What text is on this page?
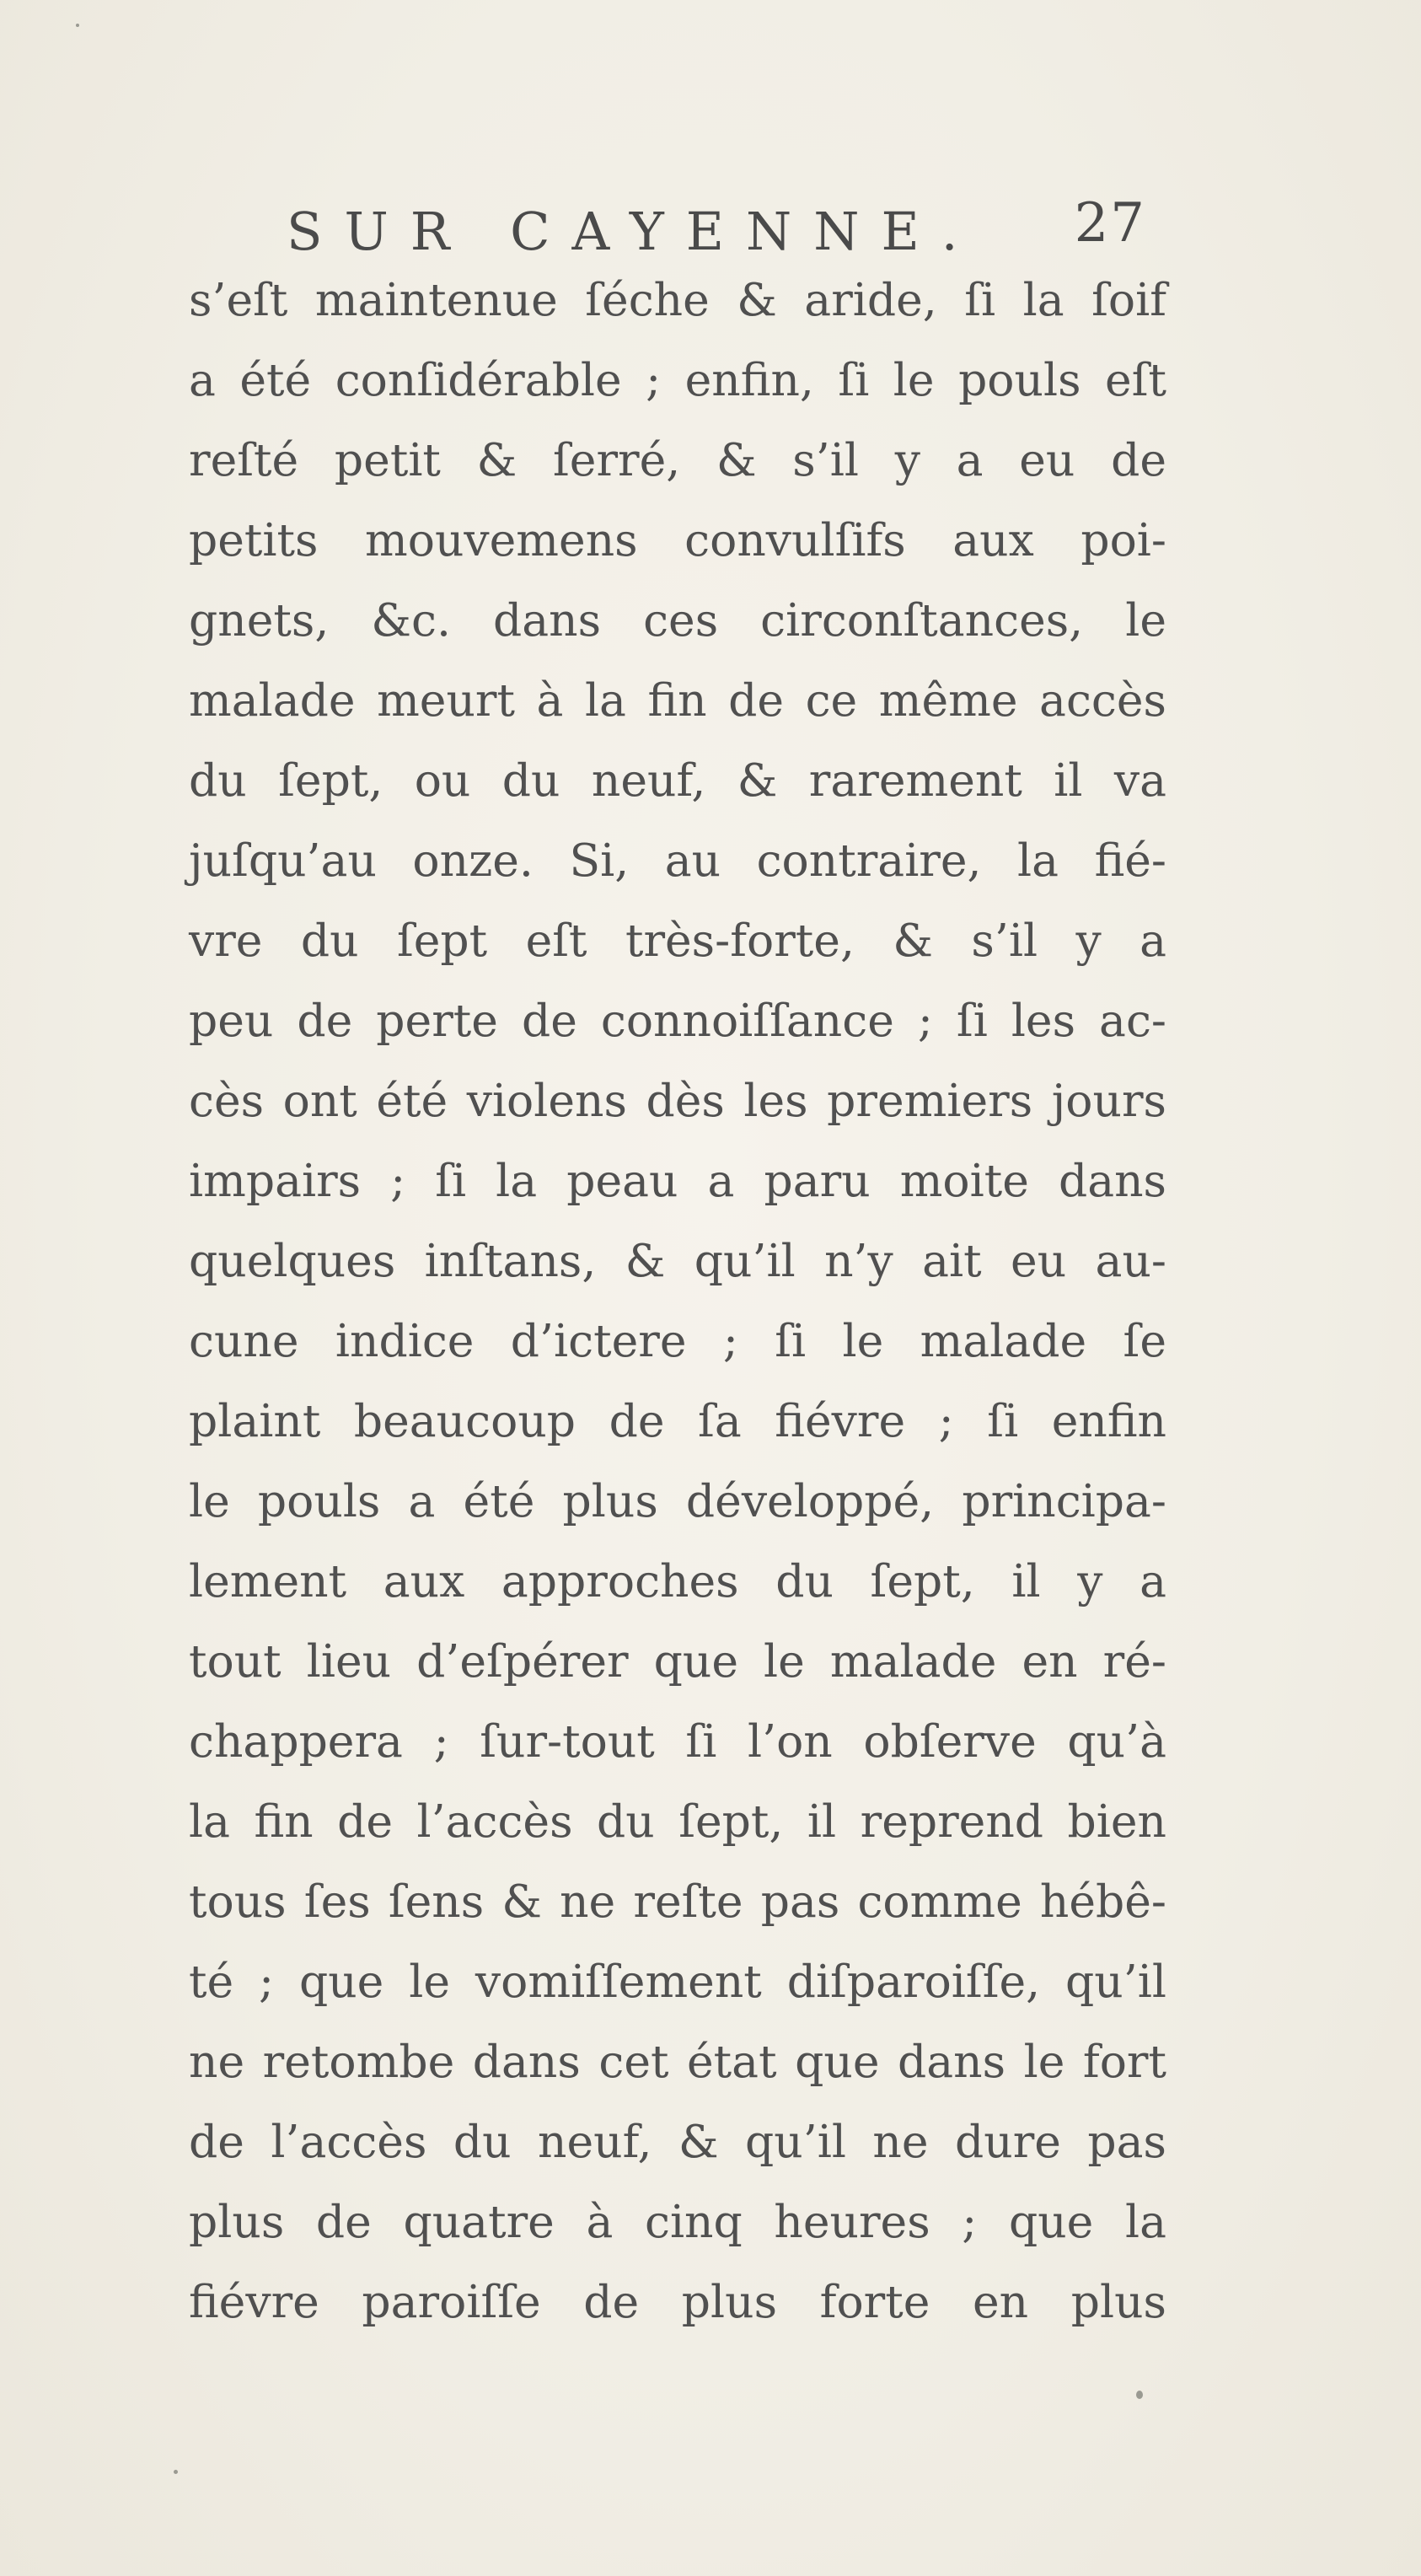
SUR CAYENNE. 27
s’eſt maintenue ſéche & aride, ſi la ſoif
a été conſidérable ; enfin, ſi le pouls eſt
reſté petit & ſerré, & s’il y a eu de
petits mouvemens convulſifs aux poi-
gnets, &c. dans ces circonſtances, le
malade meurt à la fin de ce même accès
du ſept, ou du neuf, & rarement il va
juſqu’au onze. Si, au contraire, la fié-
vre du ſept eſt très-forte, & s’il y a
peu de perte de connoiſſance ; ſi les ac-
cès ont été violens dès les premiers jours
impairs ; ſi la peau a paru moite dans
quelques inſtans, & qu’il n’y ait eu au-
cune indice d’ictere ; ſi le malade ſe
plaint beaucoup de ſa fiévre ; ſi enfin
le pouls a été plus développé, principa-
lement aux approches du ſept, il y a
tout lieu d’eſpérer que le malade en ré-
chappera ; ſur-tout ſi l’on obſerve qu’à
la fin de l’accès du ſept, il reprend bien
tous ſes ſens & ne reſte pas comme hébê-
té ; que le vomiſſement diſparoiſſe, qu’il
ne retombe dans cet état que dans le fort
de l’accès du neuf, & qu’il ne dure pas
plus de quatre à cinq heures ; que la
fiévre paroiſſe de plus forte en plus
